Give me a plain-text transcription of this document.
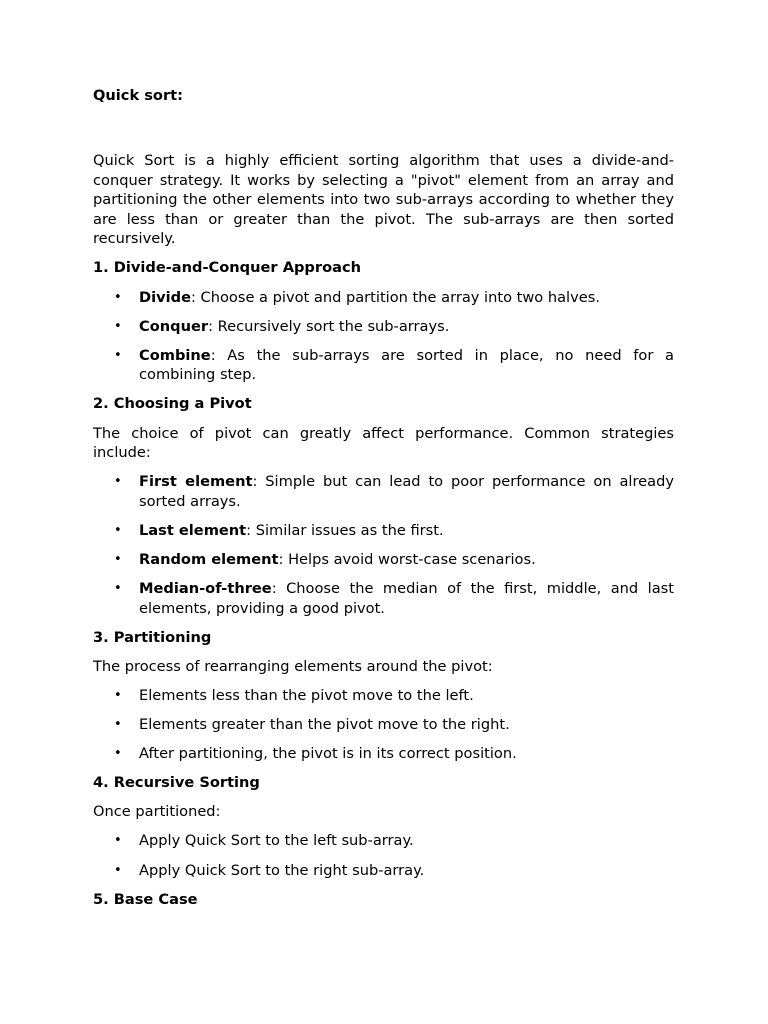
Quick sort:

Quick Sort is a highly efficient sorting algorithm that uses a divide-and-conquer strategy. It works by selecting a "pivot" element from an array and partitioning the other elements into two sub-arrays according to whether they are less than or greater than the pivot. The sub-arrays are then sorted recursively.

1. Divide-and-Conquer Approach
• Divide: Choose a pivot and partition the array into two halves.
• Conquer: Recursively sort the sub-arrays.
• Combine: As the sub-arrays are sorted in place, no need for a combining step.
2. Choosing a Pivot

The choice of pivot can greatly affect performance. Common strategies include:

• First element: Simple but can lead to poor performance on already sorted arrays.
• Last element: Similar issues as the first.
• Random element: Helps avoid worst-case scenarios.
• Median-of-three: Choose the median of the first, middle, and last elements, providing a good pivot.
3. Partitioning

The process of rearranging elements around the pivot:

• Elements less than the pivot move to the left.
• Elements greater than the pivot move to the right.
• After partitioning, the pivot is in its correct position.
4. Recursive Sorting

Once partitioned:

• Apply Quick Sort to the left sub-array.
• Apply Quick Sort to the right sub-array.
5. Base Case
